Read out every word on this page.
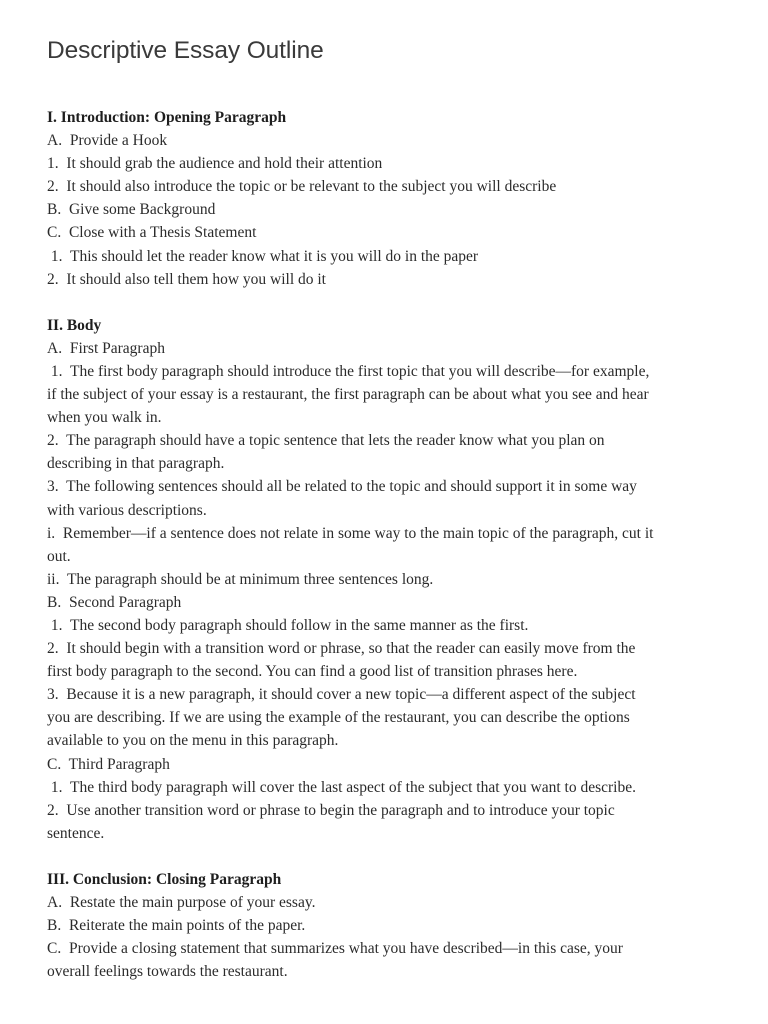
Descriptive Essay Outline
I. Introduction: Opening Paragraph
A.  Provide a Hook
1.  It should grab the audience and hold their attention
2.  It should also introduce the topic or be relevant to the subject you will describe
B.  Give some Background
C.  Close with a Thesis Statement
1.  This should let the reader know what it is you will do in the paper
2.  It should also tell them how you will do it
II. Body
A.  First Paragraph
1.  The first body paragraph should introduce the first topic that you will describe—for example,
if the subject of your essay is a restaurant, the first paragraph can be about what you see and hear
when you walk in.
2.  The paragraph should have a topic sentence that lets the reader know what you plan on
describing in that paragraph.
3.  The following sentences should all be related to the topic and should support it in some way
with various descriptions.
i.  Remember—if a sentence does not relate in some way to the main topic of the paragraph, cut it
out.
ii.  The paragraph should be at minimum three sentences long.
B.  Second Paragraph
1.  The second body paragraph should follow in the same manner as the first.
2.  It should begin with a transition word or phrase, so that the reader can easily move from the
first body paragraph to the second. You can find a good list of transition phrases here.
3.  Because it is a new paragraph, it should cover a new topic—a different aspect of the subject
you are describing. If we are using the example of the restaurant, you can describe the options
available to you on the menu in this paragraph.
C.  Third Paragraph
1.  The third body paragraph will cover the last aspect of the subject that you want to describe.
2.  Use another transition word or phrase to begin the paragraph and to introduce your topic
sentence.
III. Conclusion: Closing Paragraph
A.  Restate the main purpose of your essay.
B.  Reiterate the main points of the paper.
C.  Provide a closing statement that summarizes what you have described—in this case, your
overall feelings towards the restaurant.
